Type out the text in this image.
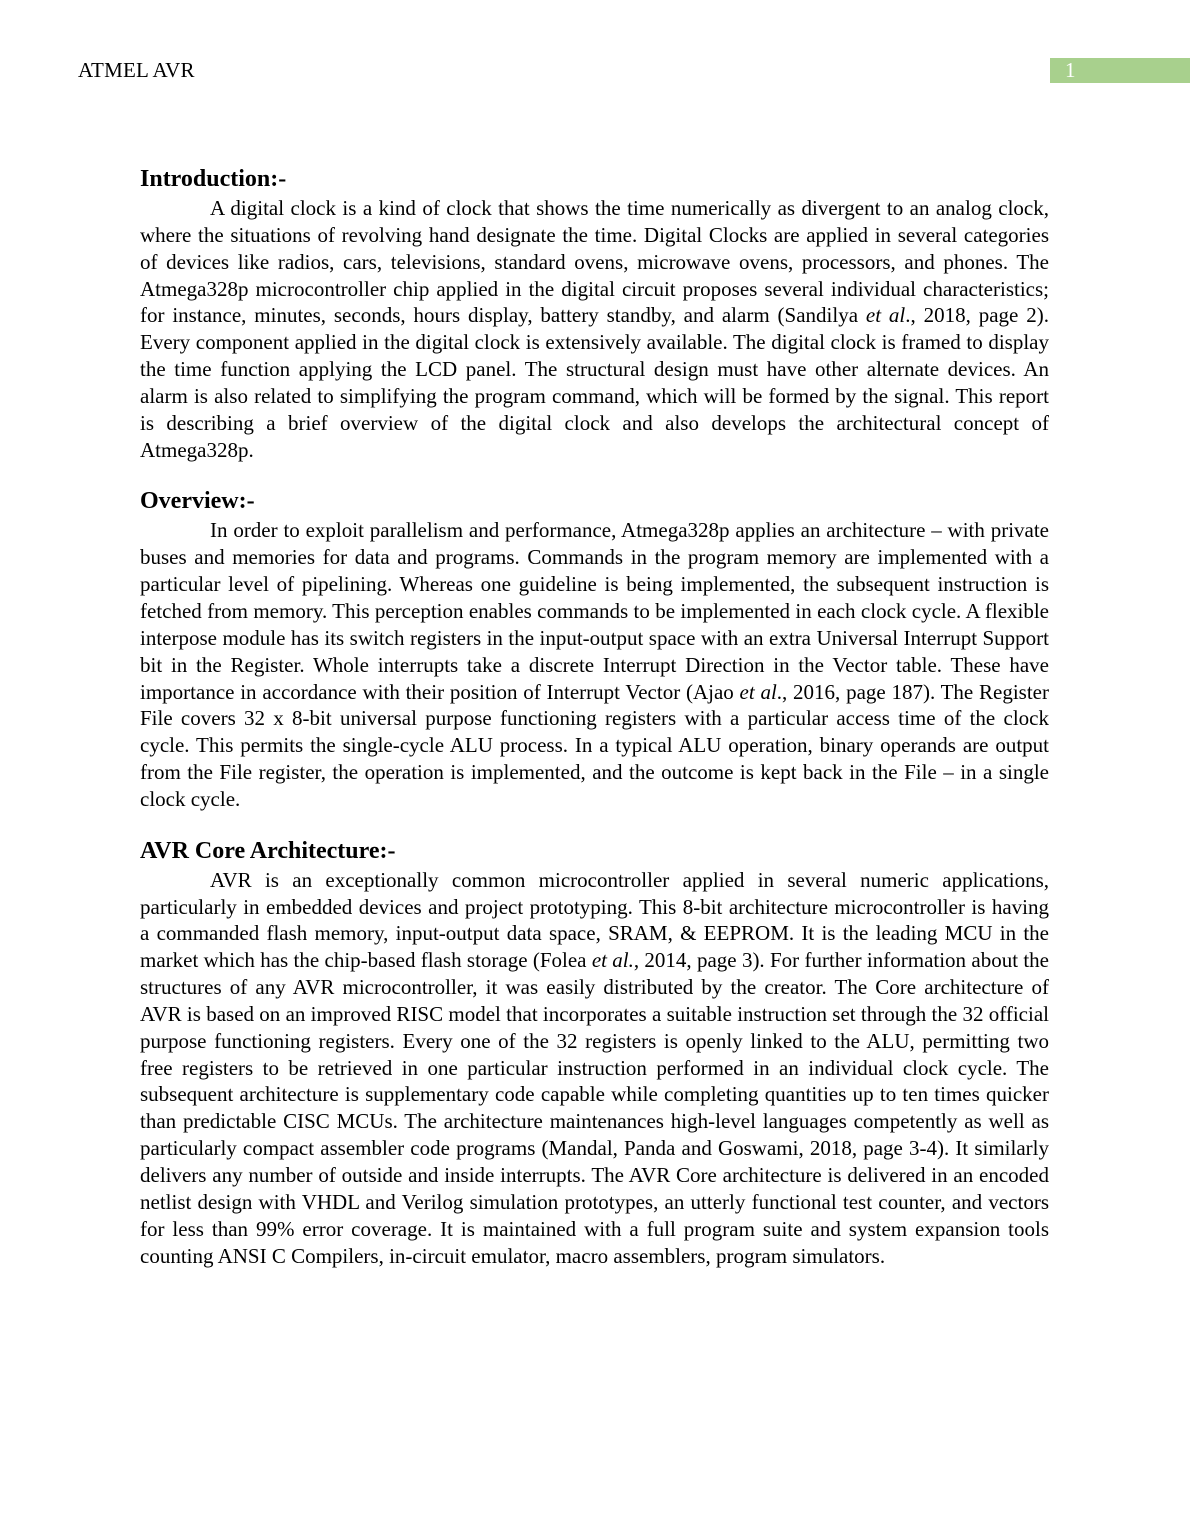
ATMEL AVR	1
Introduction:-

A digital clock is a kind of clock that shows the time numerically as divergent to an analog clock, where the situations of revolving hand designate the time. Digital Clocks are applied in several categories of devices like radios, cars, televisions, standard ovens, microwave ovens, processors, and phones. The Atmega328p microcontroller chip applied in the digital circuit proposes several individual characteristics; for instance, minutes, seconds, hours display, battery standby, and alarm (Sandilya et al., 2018, page 2). Every component applied in the digital clock is extensively available. The digital clock is framed to display the time function applying the LCD panel. The structural design must have other alternate devices. An alarm is also related to simplifying the program command, which will be formed by the signal. This report is describing a brief overview of the digital clock and also develops the architectural concept of Atmega328p.

Overview:-

In order to exploit parallelism and performance, Atmega328p applies an architecture – with private buses and memories for data and programs. Commands in the program memory are implemented with a particular level of pipelining. Whereas one guideline is being implemented, the subsequent instruction is fetched from memory. This perception enables commands to be implemented in each clock cycle. A flexible interpose module has its switch registers in the input-output space with an extra Universal Interrupt Support bit in the Register. Whole interrupts take a discrete Interrupt Direction in the Vector table. These have importance in accordance with their position of Interrupt Vector (Ajao et al., 2016, page 187). The Register File covers 32 x 8-bit universal purpose functioning registers with a particular access time of the clock cycle. This permits the single-cycle ALU process. In a typical ALU operation, binary operands are output from the File register, the operation is implemented, and the outcome is kept back in the File – in a single clock cycle.

AVR Core Architecture:-

AVR is an exceptionally common microcontroller applied in several numeric applications, particularly in embedded devices and project prototyping. This 8-bit architecture microcontroller is having a commanded flash memory, input-output data space, SRAM, & EEPROM. It is the leading MCU in the market which has the chip-based flash storage (Folea et al., 2014, page 3). For further information about the structures of any AVR microcontroller, it was easily distributed by the creator. The Core architecture of AVR is based on an improved RISC model that incorporates a suitable instruction set through the 32 official purpose functioning registers. Every one of the 32 registers is openly linked to the ALU, permitting two free registers to be retrieved in one particular instruction performed in an individual clock cycle. The subsequent architecture is supplementary code capable while completing quantities up to ten times quicker than predictable CISC MCUs. The architecture maintenances high-level languages competently as well as particularly compact assembler code programs (Mandal, Panda and Goswami, 2018, page 3-4). It similarly delivers any number of outside and inside interrupts. The AVR Core architecture is delivered in an encoded netlist design with VHDL and Verilog simulation prototypes, an utterly functional test counter, and vectors for less than 99% error coverage. It is maintained with a full program suite and system expansion tools counting ANSI C Compilers, in-circuit emulator, macro assemblers, program simulators.
